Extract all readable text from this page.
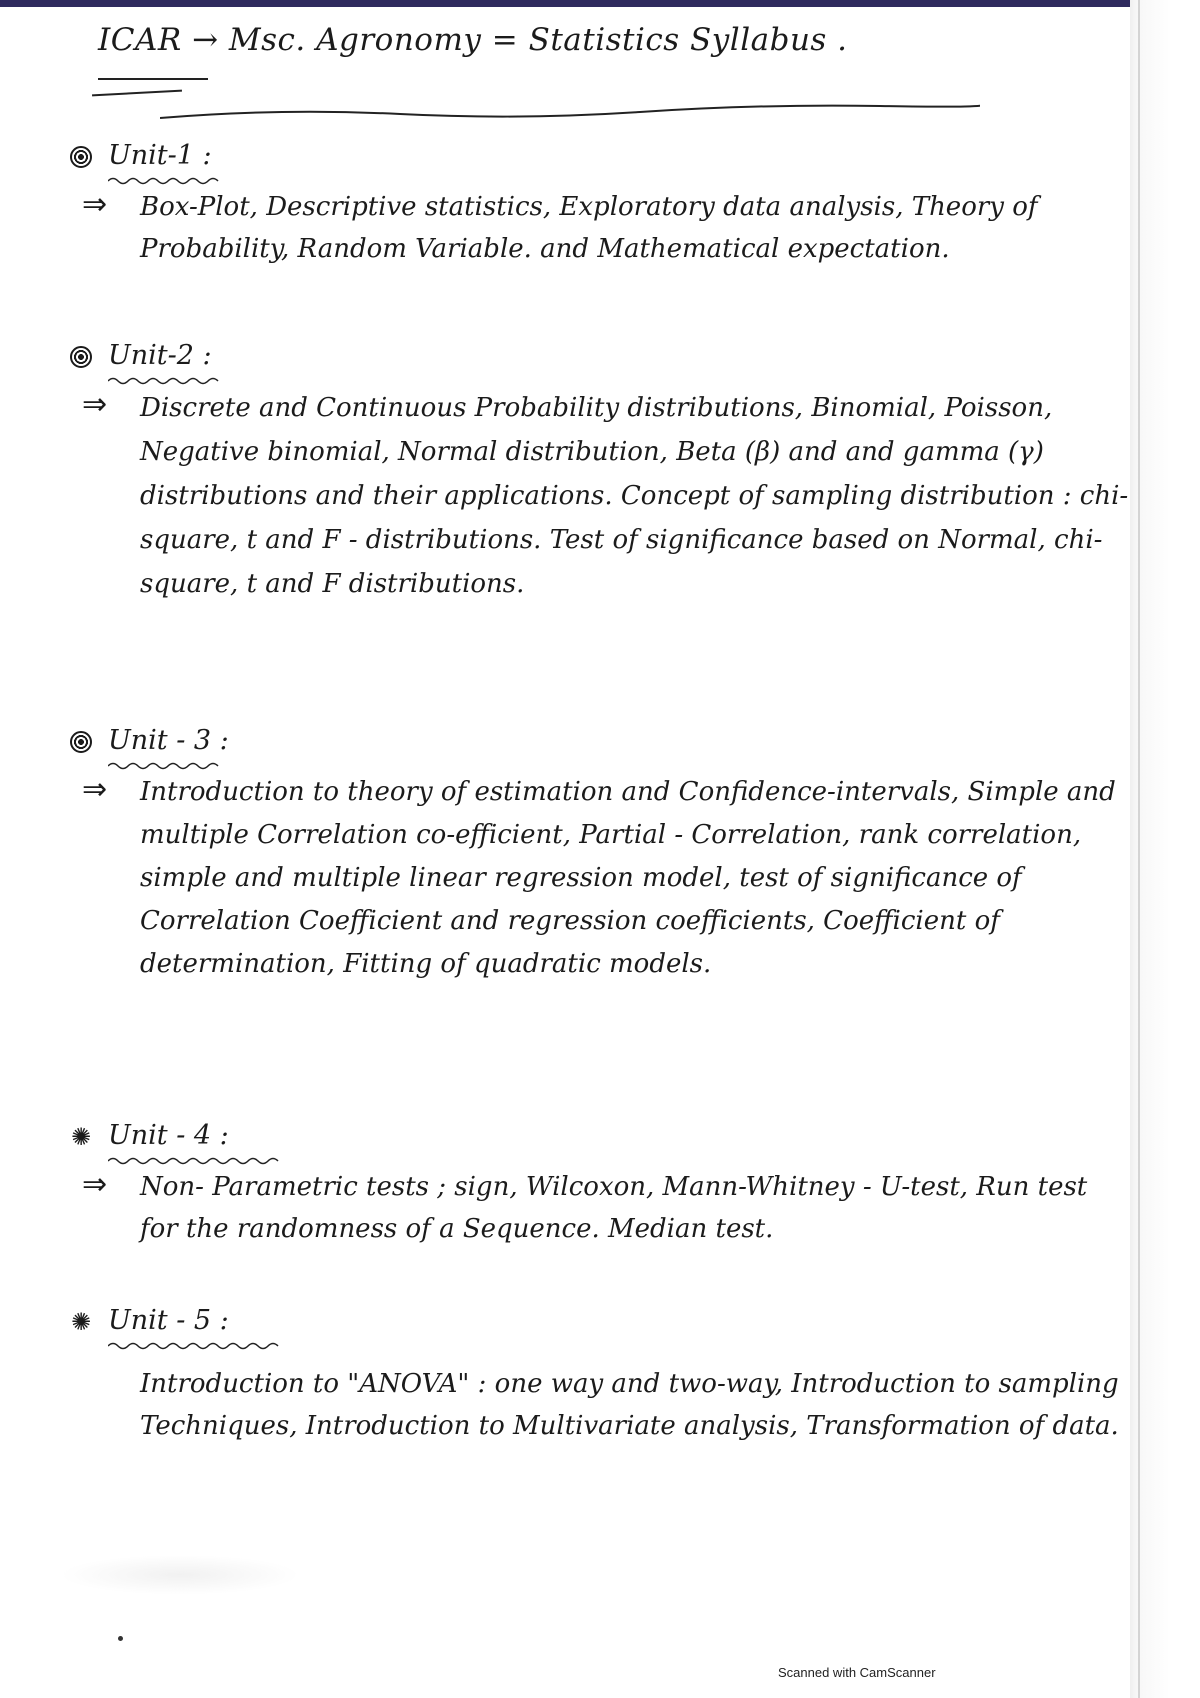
ICAR → Msc. Agronomy = Statistics Syllabus .
Unit-1 :
⇒ Box-Plot, Descriptive statistics, Exploratory data analysis, Theory of Probability, Random Variable. and Mathematical expectation.
Unit-2 :
⇒ Discrete and Continuous Probability distributions, Binomial, Poisson, Negative binomial, Normal distribution, Beta (β) and and gamma (γ) distributions and their applications. Concept of sampling distribution : chi-square, t and F - distributions. Test of significance based on Normal, chi-square, t and F distributions.
Unit - 3 :
⇒ Introduction to theory of estimation and Confidence-intervals, Simple and multiple Correlation co-efficient, Partial - Correlation, rank correlation, simple and multiple linear regression model, test of significance of Correlation Coefficient and regression coefficients, Coefficient of determination, Fitting of quadratic models.
✺ Unit - 4 :
⇒ Non- Parametric tests ; sign, Wilcoxon, Mann-Whitney - U-test, Run test for the randomness of a Sequence. Median test.
✺ Unit - 5 :
Introduction to "ANOVA" : one way and two-way, Introduction to sampling Techniques, Introduction to Multivariate analysis, Transformation of data.
Scanned with CamScanner
